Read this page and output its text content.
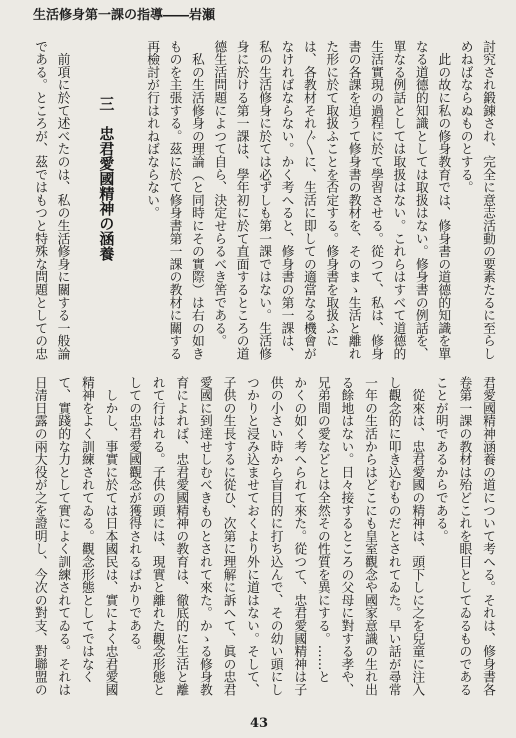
生活修身第一課の指導――岩瀬
討究され鍛錬され、完全に意志活動の要素たるに至らし
めねばならぬものとする。
　此の故に私の修身教育では、修身書の道德的知識を單
なる道德的知識としては取扱はない。修身書の例話を、
單なる例話としては取扱はない。これらはすべて道德的
生活實現の過程に於て學習させる。從つて、私は、修身
書の各課を追うて修身書の教材を、そのまゝ生活と離れ
た形に於て取扱ふことを否定する。修身書を取扱ふに
は、各教材それ〴〵に、生活に即しての適當なる機會が
なければならない。かく考へると、修身書の第一課は、
私の生活修身に於ては必ずしも第一課ではない。生活修
身に於ける第一課は、學年初に於て直面するところの道
德生活問題によつて自ら、決定せらるべき筈である。
　私の生活修身の理論（と同時にその實際）は右の如き
ものを主張する。茲に於て修身書第一課の教材に關する
再檢討が行はれねばならない。
三　忠君愛國精神の涵養
　前項に於て述べたのは、私の生活修身に關する一般論
である。ところが、茲ではもつと特殊な問題としての忠
君愛國精神涵養の道について考へる。それは、修身書各
卷第一課の教材は殆どこれを眼目としてゐるものである
ことが明であるからである。
　從來は、忠君愛國の精神は、頭下しに之を兒童に注入
し觀念的に叩き込むものだとされてゐた。早い話が尋常
一年の生活からはどこにも皇室觀念や國家意識の生れ出
る餘地はない。日々接するところの父母に對する孝や、
兄弟間の愛などとは全然その性質を異にする。……と
かくの如く考へられて來た。從つて、忠君愛國精神は子
供の小さい時から盲目的に打ち込んで、その幼い頭にし
つかりと浸み込ませておくより外に道はない。そして、
子供の生長するに從ひ、次第に理解に訴へて、眞の忠君
愛國に到達せしむべきものとされて來た。かゝる修身教
育によれば、忠君愛國精神の教育は、徹底的に生活と離
れて行はれる。子供の頭には、現實と離れた觀念形態と
しての忠君愛國觀念が獲得されるばかりである。
　しかし、事實に於ては日本國民は、實によく忠君愛國
精神をよく訓練されてゐる。觀念形態としてではなく
て、實踐的な力として實によく訓練されてゐる。それは
日清日露の兩大役が之を證明し、今次の對支、對聯盟の
43
